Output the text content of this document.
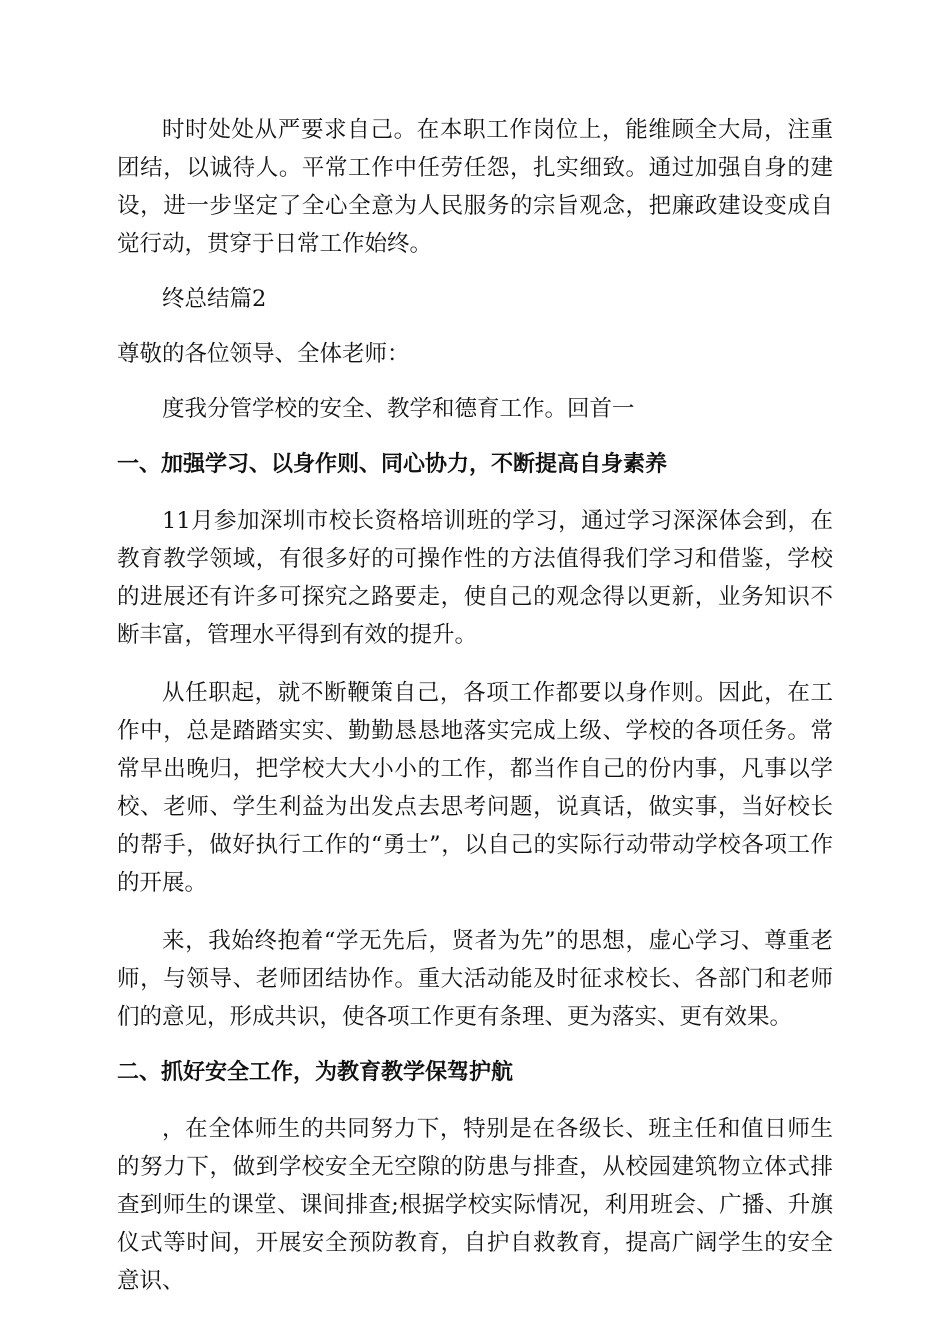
时时处处从严要求自己。在本职工作岗位上，能维顾全大局，注重团结，以诚待人。平常工作中任劳任怨，扎实细致。通过加强自身的建设，进一步坚定了全心全意为人民服务的宗旨观念，把廉政建设变成自觉行动，贯穿于日常工作始终。

终总结篇2

尊敬的各位领导、全体老师：

度我分管学校的安全、教学和德育工作。回首一

一、加强学习、以身作则、同心协力，不断提高自身素养

11月参加深圳市校长资格培训班的学习，通过学习深深体会到，在教育教学领域，有很多好的可操作性的方法值得我们学习和借鉴，学校的进展还有许多可探究之路要走，使自己的观念得以更新，业务知识不断丰富，管理水平得到有效的提升。

从任职起，就不断鞭策自己，各项工作都要以身作则。因此，在工作中，总是踏踏实实、勤勤恳恳地落实完成上级、学校的各项任务。常常早出晚归，把学校大大小小的工作，都当作自己的份内事，凡事以学校、老师、学生利益为出发点去思考问题，说真话，做实事，当好校长的帮手，做好执行工作的“勇士”，以自己的实际行动带动学校各项工作的开展。

来，我始终抱着“学无先后，贤者为先”的思想，虚心学习、尊重老师，与领导、老师团结协作。重大活动能及时征求校长、各部门和老师们的意见，形成共识，使各项工作更有条理、更为落实、更有效果。

二、抓好安全工作，为教育教学保驾护航

，在全体师生的共同努力下，特别是在各级长、班主任和值日师生的努力下，做到学校安全无空隙的防患与排查，从校园建筑物立体式排查到师生的课堂、课间排查;根据学校实际情况，利用班会、广播、升旗仪式等时间，开展安全预防教育，自护自救教育，提高广阔学生的安全意识、
